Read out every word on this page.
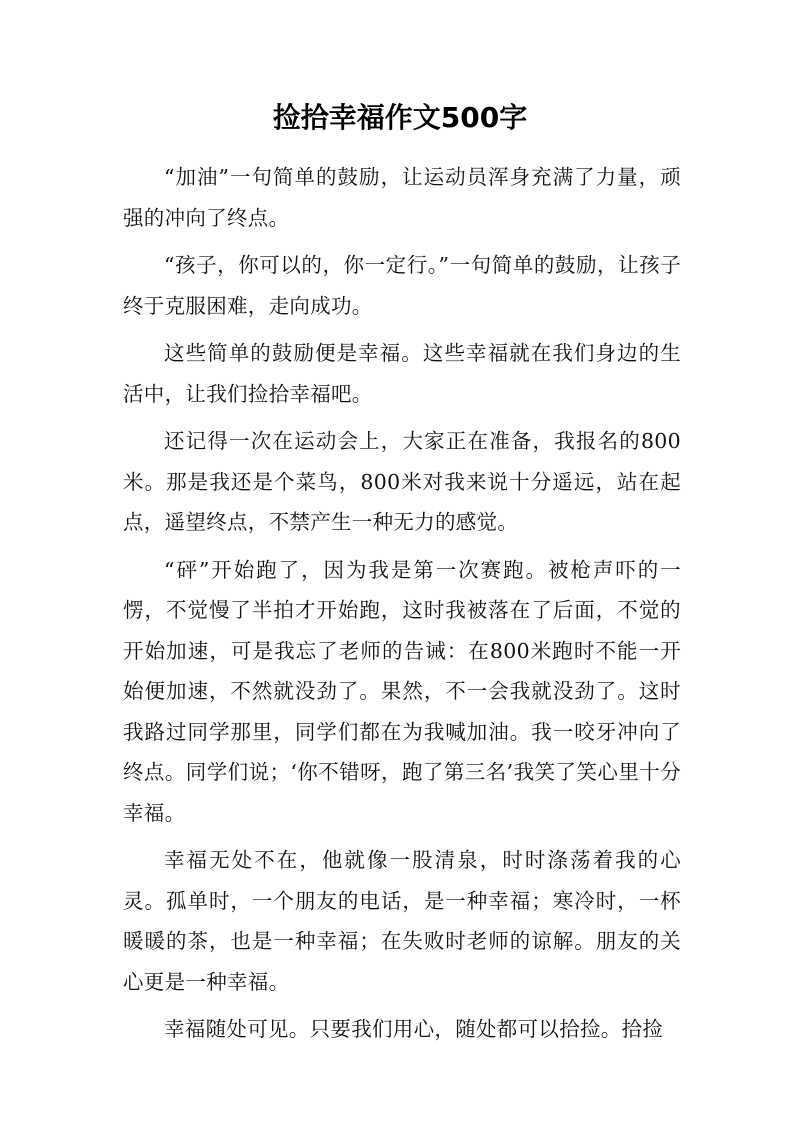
捡拾幸福作文500字

“加油”一句简单的鼓励，让运动员浑身充满了力量，顽强的冲向了终点。

“孩子，你可以的，你一定行。”一句简单的鼓励，让孩子终于克服困难，走向成功。

这些简单的鼓励便是幸福。这些幸福就在我们身边的生活中，让我们捡拾幸福吧。

还记得一次在运动会上，大家正在准备，我报名的800米。那是我还是个菜鸟，800米对我来说十分遥远，站在起点，遥望终点，不禁产生一种无力的感觉。

“砰”开始跑了，因为我是第一次赛跑。被枪声吓的一愣，不觉慢了半拍才开始跑，这时我被落在了后面，不觉的开始加速，可是我忘了老师的告诫：在800米跑时不能一开始便加速，不然就没劲了。果然，不一会我就没劲了。这时我路过同学那里，同学们都在为我喊加油。我一咬牙冲向了终点。同学们说；‘你不错呀，跑了第三名’我笑了笑心里十分幸福。

幸福无处不在，他就像一股清泉，时时涤荡着我的心灵。孤单时，一个朋友的电话，是一种幸福；寒冷时，一杯暖暖的茶，也是一种幸福；在失败时老师的谅解。朋友的关心更是一种幸福。

幸福随处可见。只要我们用心，随处都可以拾捡。拾捡
